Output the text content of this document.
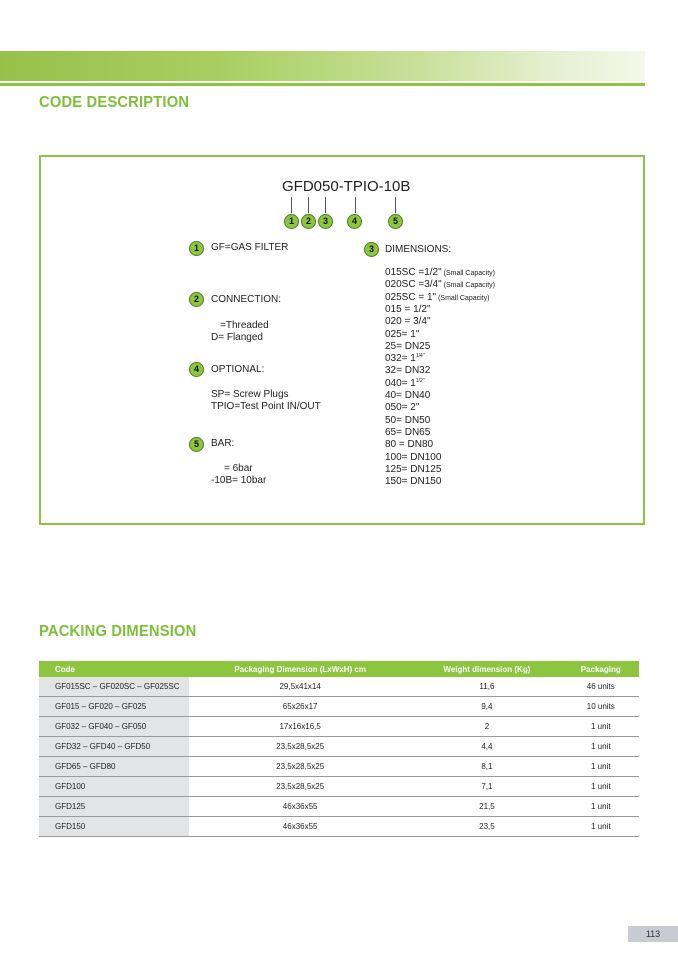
CODE DESCRIPTION
GFD050-TPIO-10B
1	2	3	4	5
1	GF=GAS FILTER
2	CONNECTION:
=Threaded
D= Flanged
4	OPTIONAL:
SP= Screw Plugs
TPIO=Test Point IN/OUT
5	BAR:
= 6bar
-10B= 10bar
3	DIMENSIONS:
015SC =1/2" (Small Capacity)
020SC =3/4" (Small Capacity)
025SC = 1" (Small Capacity)
015 = 1/2"
020 = 3/4"
025= 1"
25= DN25
$032= 1^{1/4"}$
32= DN32
$040= 1^{1/2"}$
40= DN40
050= 2"
50= DN50
65= DN65
80 = DN80
100= DN100
125= DN125
150= DN150
PACKING DIMENSION
Code	Packaging Dimension (LxWxH) cm	Weight dimension (Kg)	Packaging
GF015SC – GF020SC – GF025SC	29,5x41x14	11,6	46 units
GF015 – GF020 – GF025	65x26x17	9,4	10 units
GF032 – GF040 – GF050	17x16x16,5	2	1 unit
GFD32 – GFD40 – GFD50	23,5x28,5x25	4,4	1 unit
GFD65 – GFD80	23,5x28,5x25	8,1	1 unit
GFD100	23,5x28,5x25	7,1	1 unit
GFD125	46x36x55	21,5	1 unit
GFD150	46x36x55	23,5	1 unit
113
